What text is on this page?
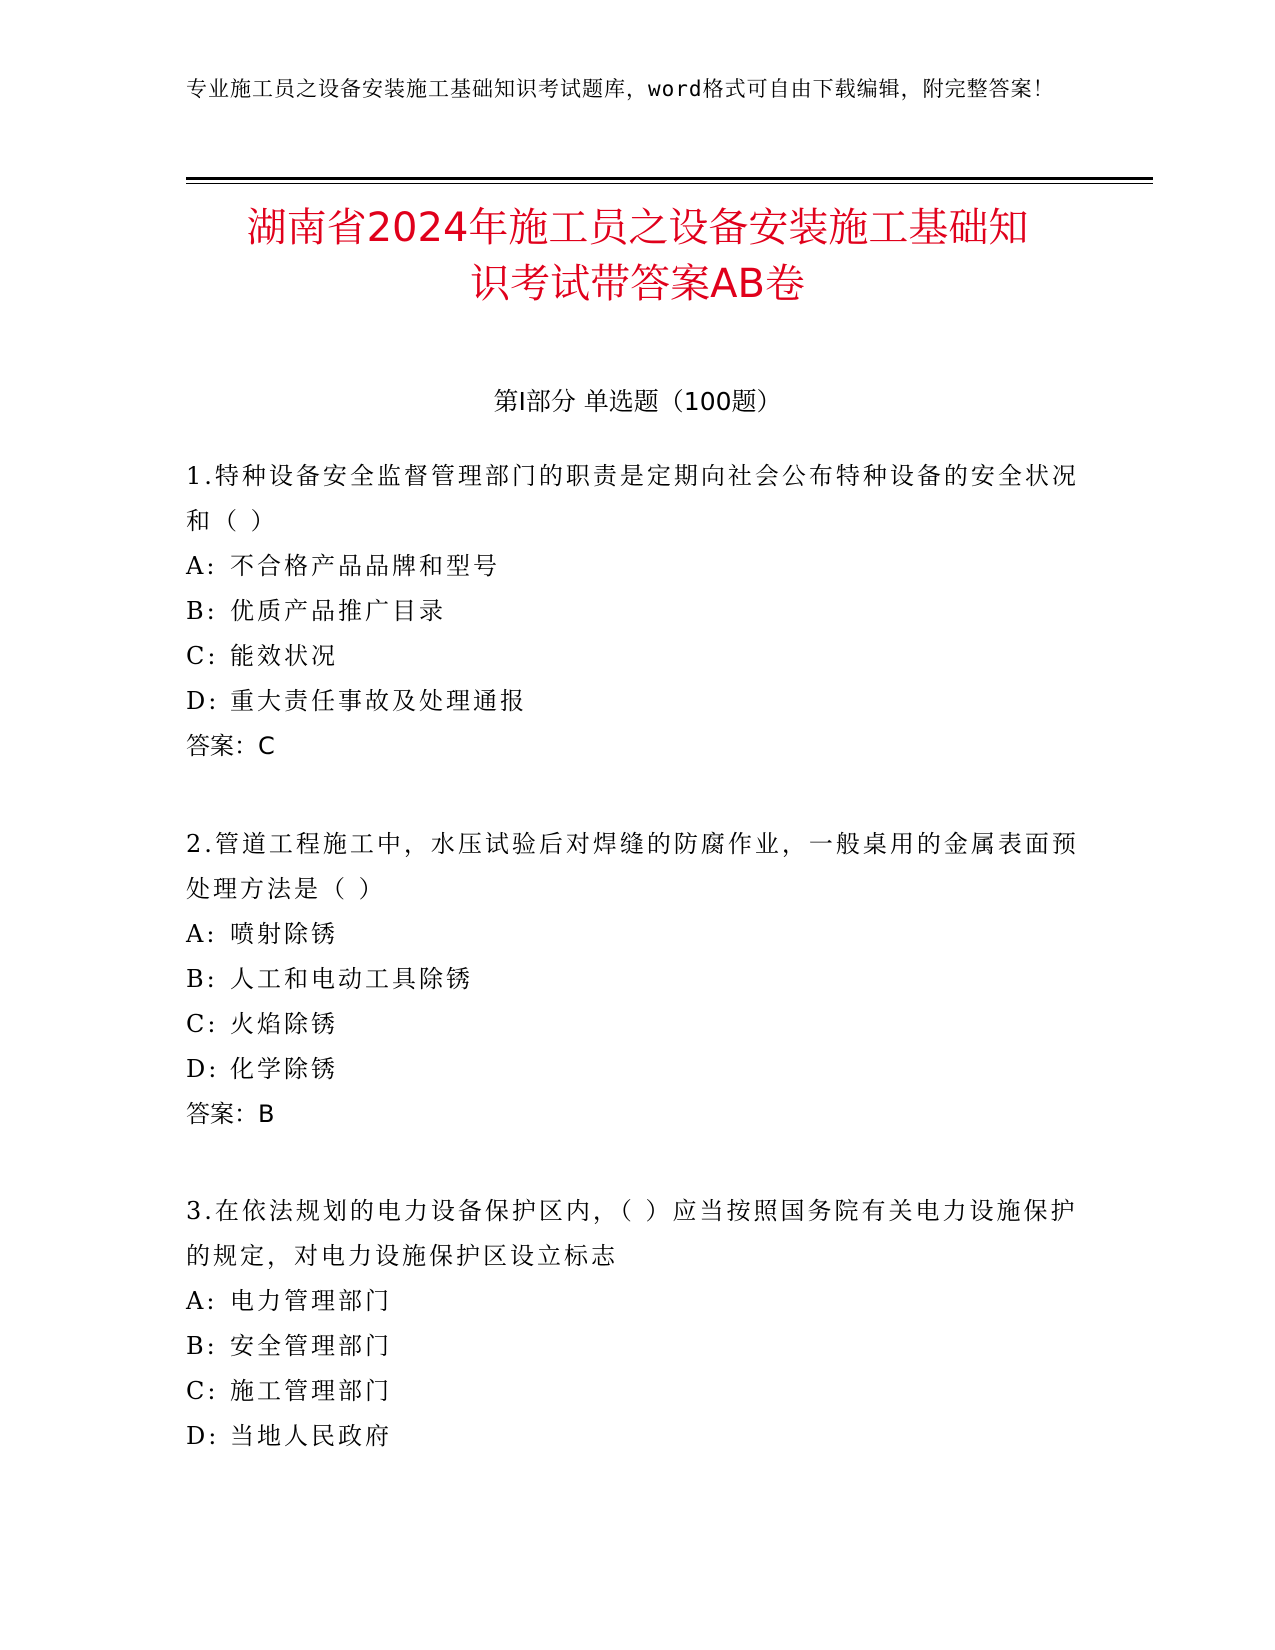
专业施工员之设备安装施工基础知识考试题库，word格式可自由下载编辑，附完整答案！
湖南省2024年施工员之设备安装施工基础知
识考试带答案AB卷
第I部分 单选题（100题）

1.特种设备安全监督管理部门的职责是定期向社会公布特种设备的安全状况和（ ）

A: 不合格产品品牌和型号

B: 优质产品推广目录

C: 能效状况

D: 重大责任事故及处理通报

答案：C

2.管道工程施工中，水压试验后对焊缝的防腐作业，一般桌用的金属表面预处理方法是（ ）

A: 喷射除锈

B: 人工和电动工具除锈

C: 火焰除锈

D: 化学除锈

答案：B

3.在依法规划的电力设备保护区内，（ ）应当按照国务院有关电力设施保护的规定，对电力设施保护区设立标志

A: 电力管理部门

B: 安全管理部门

C: 施工管理部门

D: 当地人民政府
